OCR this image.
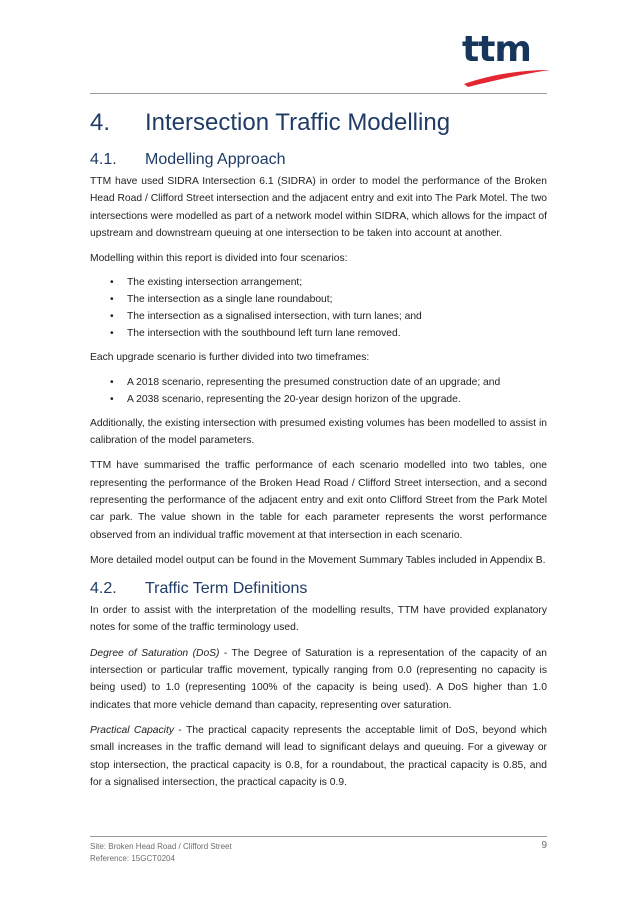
ttm
4.	Intersection Traffic Modelling
4.1.	Modelling Approach

TTM have used SIDRA Intersection 6.1 (SIDRA) in order to model the performance of the Broken Head Road / Clifford Street intersection and the adjacent entry and exit into The Park Motel. The two intersections were modelled as part of a network model within SIDRA, which allows for the impact of upstream and downstream queuing at one intersection to be taken into account at another.

Modelling within this report is divided into four scenarios:

• The existing intersection arrangement;
• The intersection as a single lane roundabout;
• The intersection as a signalised intersection, with turn lanes; and
• The intersection with the southbound left turn lane removed.

Each upgrade scenario is further divided into two timeframes:

• A 2018 scenario, representing the presumed construction date of an upgrade; and
• A 2038 scenario, representing the 20-year design horizon of the upgrade.

Additionally, the existing intersection with presumed existing volumes has been modelled to assist in calibration of the model parameters.

TTM have summarised the traffic performance of each scenario modelled into two tables, one representing the performance of the Broken Head Road / Clifford Street intersection, and a second representing the performance of the adjacent entry and exit onto Clifford Street from the Park Motel car park. The value shown in the table for each parameter represents the worst performance observed from an individual traffic movement at that intersection in each scenario.

More detailed model output can be found in the Movement Summary Tables included in Appendix B.

4.2.	Traffic Term Definitions

In order to assist with the interpretation of the modelling results, TTM have provided explanatory notes for some of the traffic terminology used.

Degree of Saturation (DoS) - The Degree of Saturation is a representation of the capacity of an intersection or particular traffic movement, typically ranging from 0.0 (representing no capacity is being used) to 1.0 (representing 100% of the capacity is being used). A DoS higher than 1.0 indicates that more vehicle demand than capacity, representing over saturation.

Practical Capacity - The practical capacity represents the acceptable limit of DoS, beyond which small increases in the traffic demand will lead to significant delays and queuing. For a giveway or stop intersection, the practical capacity is 0.8, for a roundabout, the practical capacity is 0.85, and for a signalised intersection, the practical capacity is 0.9.

Site: Broken Head Road / Clifford Street
Reference: 15GCT0204
9
